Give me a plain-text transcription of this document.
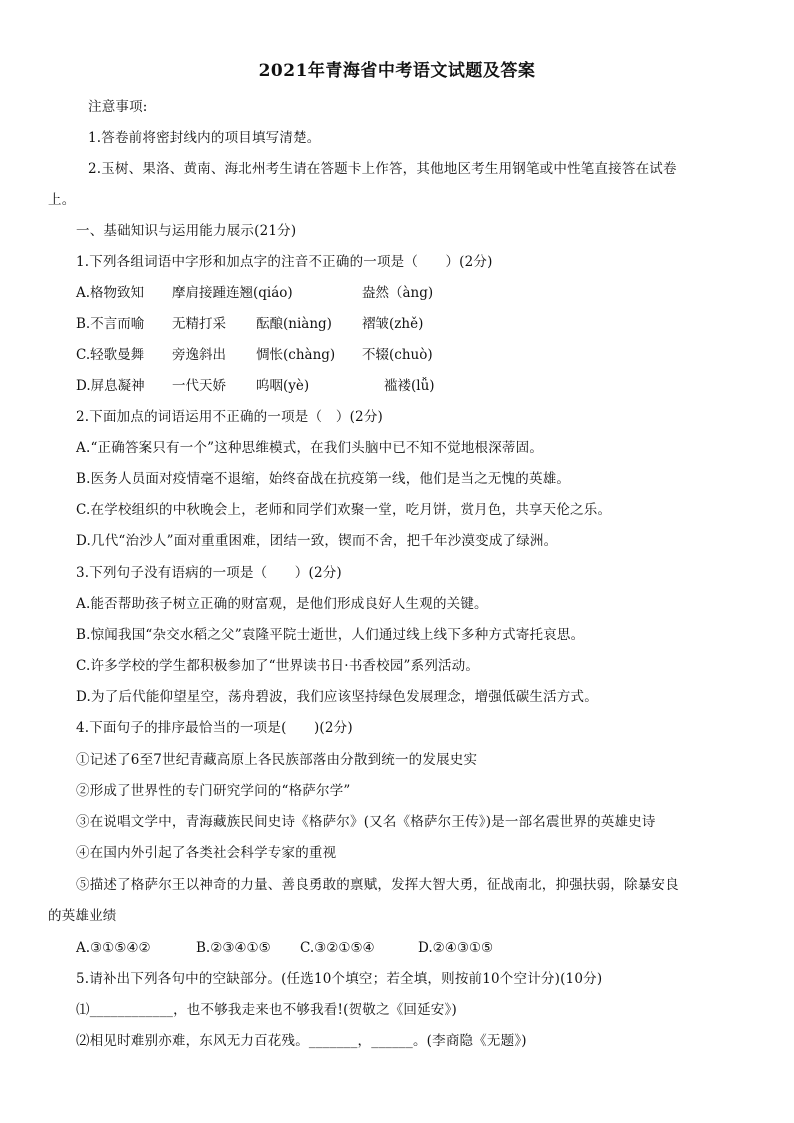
2021年青海省中考语文试题及答案
注意事项:
1.答卷前将密封线内的项目填写清楚。
2.玉树、果洛、黄南、海北州考生请在答题卡上作答，其他地区考生用钢笔或中性笔直接答在试卷
上。
一、基础知识与运用能力展示(21分)
1.下列各组词语中字形和加点字的注音不正确的一项是（　　）(2分)
A.格物致知 摩肩接踵连翘(qiáo)	盎然（àng)
B.不言而喻 无精打采 酝酿(niàng) 褶皱(zhě)
C.轻歌曼舞 旁逸斜出 惆怅(chàng) 不辍(chuò)
D.屏息凝神 一代天娇 呜咽(yè)	褴褛(lǚ)
2.下面加点的词语运用不正确的一项是（　）(2分)
A.“正确答案只有一个”这种思维模式，在我们头脑中已不知不觉地根深蒂固。
B.医务人员面对疫情毫不退缩，始终奋战在抗疫第一线，他们是当之无愧的英雄。
C.在学校组织的中秋晚会上，老师和同学们欢聚一堂，吃月饼，赏月色，共享天伦之乐。
D.几代“治沙人”面对重重困难，团结一致，锲而不舍，把千年沙漠变成了绿洲。
3.下列句子没有语病的一项是（　　）(2分)
A.能否帮助孩子树立正确的财富观，是他们形成良好人生观的关键。
B.惊闻我国“杂交水稻之父”袁隆平院士逝世，人们通过线上线下多种方式寄托哀思。
C.许多学校的学生都积极参加了“世界读书日·书香校园”系列活动。
D.为了后代能仰望星空，荡舟碧波，我们应该坚持绿色发展理念，增强低碳生活方式。
4.下面句子的排序最恰当的一项是(　　)(2分)
①记述了6至7世纪青藏高原上各民族部落由分散到统一的发展史实
②形成了世界性的专门研究学问的“格萨尔学”
③在说唱文学中，青海藏族民间史诗《格萨尔》(又名《格萨尔王传》)是一部名震世界的英雄史诗
④在国内外引起了各类社会科学专家的重视
⑤描述了格萨尔王以神奇的力量、善良勇敢的禀赋，发挥大智大勇，征战南北，抑强扶弱，除暴安良
的英雄业绩
A.③①⑤④②	B.②③④①⑤ C.③②①⑤④	D.②④③①⑤
5.请补出下列各句中的空缺部分。(任选10个填空；若全填，则按前10个空计分)(10分)
⑴____________，也不够我走来也不够我看!(贺敬之《回延安》)
⑵相见时难别亦难，东风无力百花残。_______，______。(李商隐《无题》)
